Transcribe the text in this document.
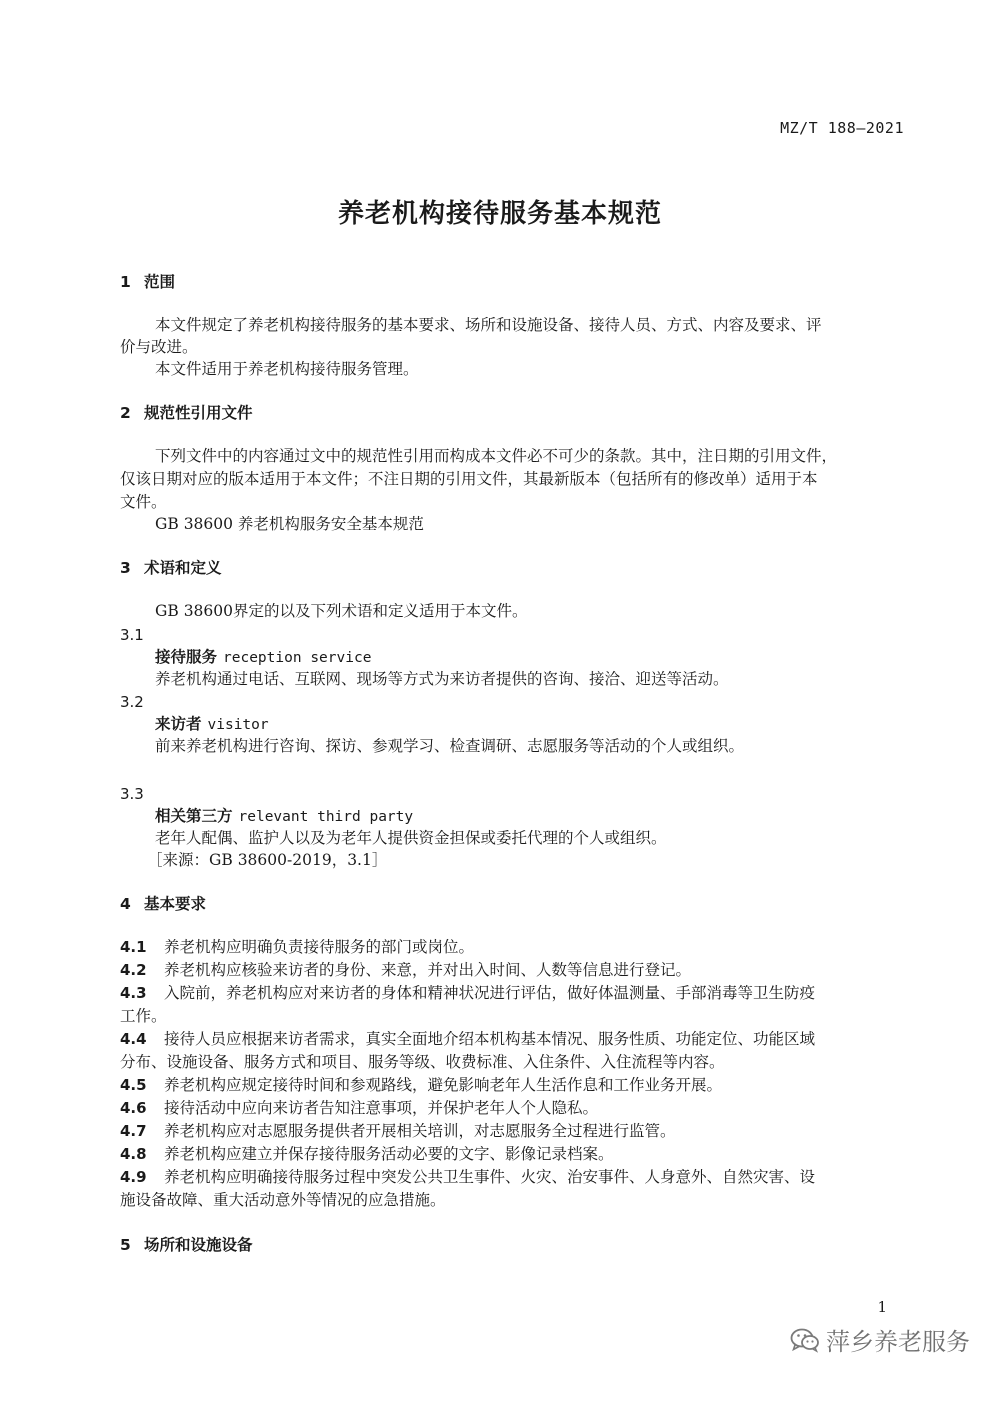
MZ/T 188—2021
养老机构接待服务基本规范
1 范围
本文件规定了养老机构接待服务的基本要求、场所和设施设备、接待人员、方式、内容及要求、评
价与改进。
本文件适用于养老机构接待服务管理。
2 规范性引用文件
下列文件中的内容通过文中的规范性引用而构成本文件必不可少的条款。其中，注日期的引用文件，
仅该日期对应的版本适用于本文件；不注日期的引用文件，其最新版本（包括所有的修改单）适用于本
文件。
GB 38600 养老机构服务安全基本规范
3 术语和定义
GB 38600界定的以及下列术语和定义适用于本文件。
3.1
接待服务 reception service
养老机构通过电话、互联网、现场等方式为来访者提供的咨询、接洽、迎送等活动。
3.2
来访者 visitor
前来养老机构进行咨询、探访、参观学习、检查调研、志愿服务等活动的个人或组织。
3.3
相关第三方 relevant third party
老年人配偶、监护人以及为老年人提供资金担保或委托代理的个人或组织。
［来源：GB 38600-2019，3.1］
4 基本要求
4.1 养老机构应明确负责接待服务的部门或岗位。
4.2 养老机构应核验来访者的身份、来意，并对出入时间、人数等信息进行登记。
4.3 入院前，养老机构应对来访者的身体和精神状况进行评估，做好体温测量、手部消毒等卫生防疫
工作。
4.4 接待人员应根据来访者需求，真实全面地介绍本机构基本情况、服务性质、功能定位、功能区域
分布、设施设备、服务方式和项目、服务等级、收费标准、入住条件、入住流程等内容。
4.5 养老机构应规定接待时间和参观路线，避免影响老年人生活作息和工作业务开展。
4.6 接待活动中应向来访者告知注意事项，并保护老年人个人隐私。
4.7 养老机构应对志愿服务提供者开展相关培训，对志愿服务全过程进行监管。
4.8 养老机构应建立并保存接待服务活动必要的文字、影像记录档案。
4.9 养老机构应明确接待服务过程中突发公共卫生事件、火灾、治安事件、人身意外、自然灾害、设
施设备故障、重大活动意外等情况的应急措施。
5 场所和设施设备
1
萍乡养老服务
